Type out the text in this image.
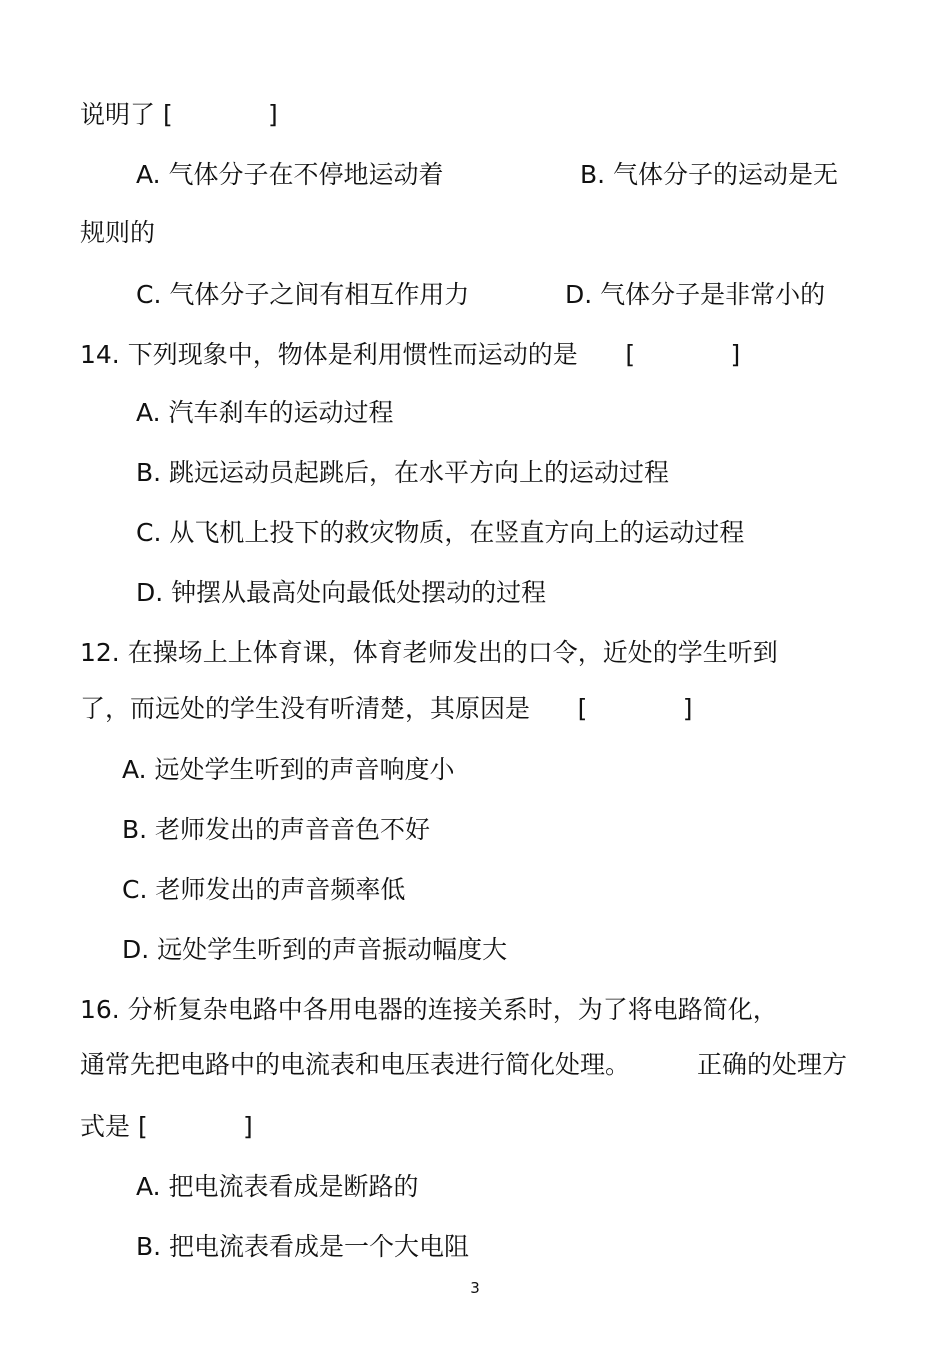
说明了 [            ]
A. 气体分子在不停地运动着	B. 气体分子的运动是无
规则的
C. 气体分子之间有相互作用力	D. 气体分子是非常小的
14. 下列现象中，物体是利用惯性而运动的是      [            ]
A. 汽车刹车的运动过程
B. 跳远运动员起跳后，在水平方向上的运动过程
C. 从飞机上投下的救灾物质，在竖直方向上的运动过程
D. 钟摆从最高处向最低处摆动的过程
12. 在操场上上体育课，体育老师发出的口令，近处的学生听到
了，而远处的学生没有听清楚，其原因是      [            ]
A. 远处学生听到的声音响度小
B. 老师发出的声音音色不好
C. 老师发出的声音频率低
D. 远处学生听到的声音振动幅度大
16. 分析复杂电路中各用电器的连接关系时，为了将电路简化，
通常先把电路中的电流表和电压表进行简化处理。	正确的处理方
式是 [            ]
A. 把电流表看成是断路的
B. 把电流表看成是一个大电阻
3
